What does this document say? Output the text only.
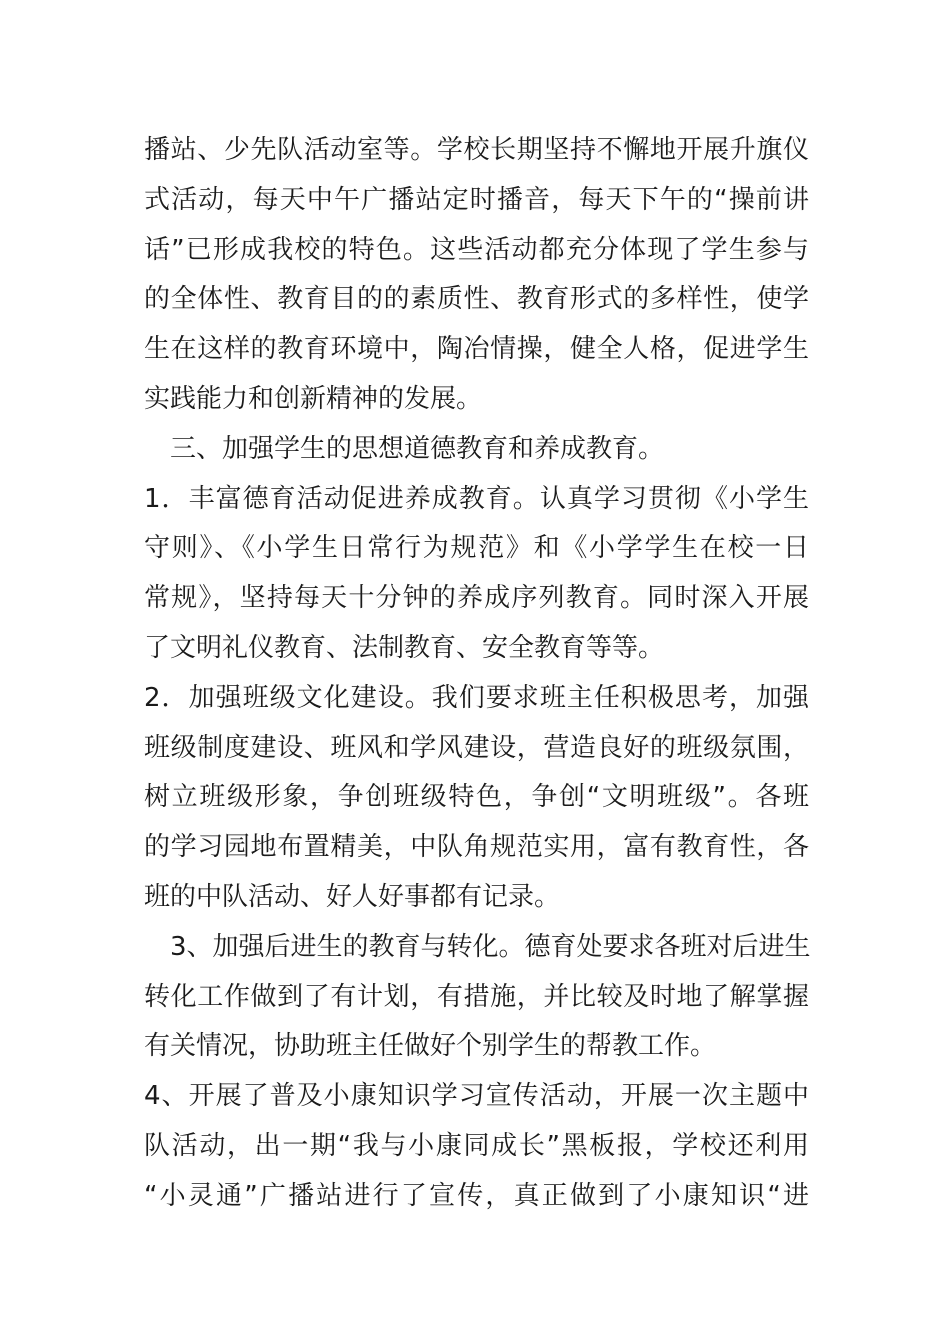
播站、少先队活动室等。学校长期坚持不懈地开展升旗仪
式活动，每天中午广播站定时播音，每天下午的“操前讲
话”已形成我校的特色。这些活动都充分体现了学生参与
的全体性、教育目的的素质性、教育形式的多样性，使学
生在这样的教育环境中，陶冶情操，健全人格，促进学生
实践能力和创新精神的发展。
　三、加强学生的思想道德教育和养成教育。
1．丰富德育活动促进养成教育。认真学习贯彻《小学生
守则》、《小学生日常行为规范》和《小学学生在校一日
常规》，坚持每天十分钟的养成序列教育。同时深入开展
了文明礼仪教育、法制教育、安全教育等等。
2．加强班级文化建设。我们要求班主任积极思考，加强
班级制度建设、班风和学风建设，营造良好的班级氛围，
树立班级形象，争创班级特色，争创“文明班级”。各班
的学习园地布置精美，中队角规范实用，富有教育性，各
班的中队活动、好人好事都有记录。
　3、加强后进生的教育与转化。德育处要求各班对后进生
转化工作做到了有计划，有措施，并比较及时地了解掌握
有关情况，协助班主任做好个别学生的帮教工作。
4、开展了普及小康知识学习宣传活动，开展一次主题中
队活动，出一期“我与小康同成长”黑板报，学校还利用
“小灵通”广播站进行了宣传，真正做到了小康知识“进
